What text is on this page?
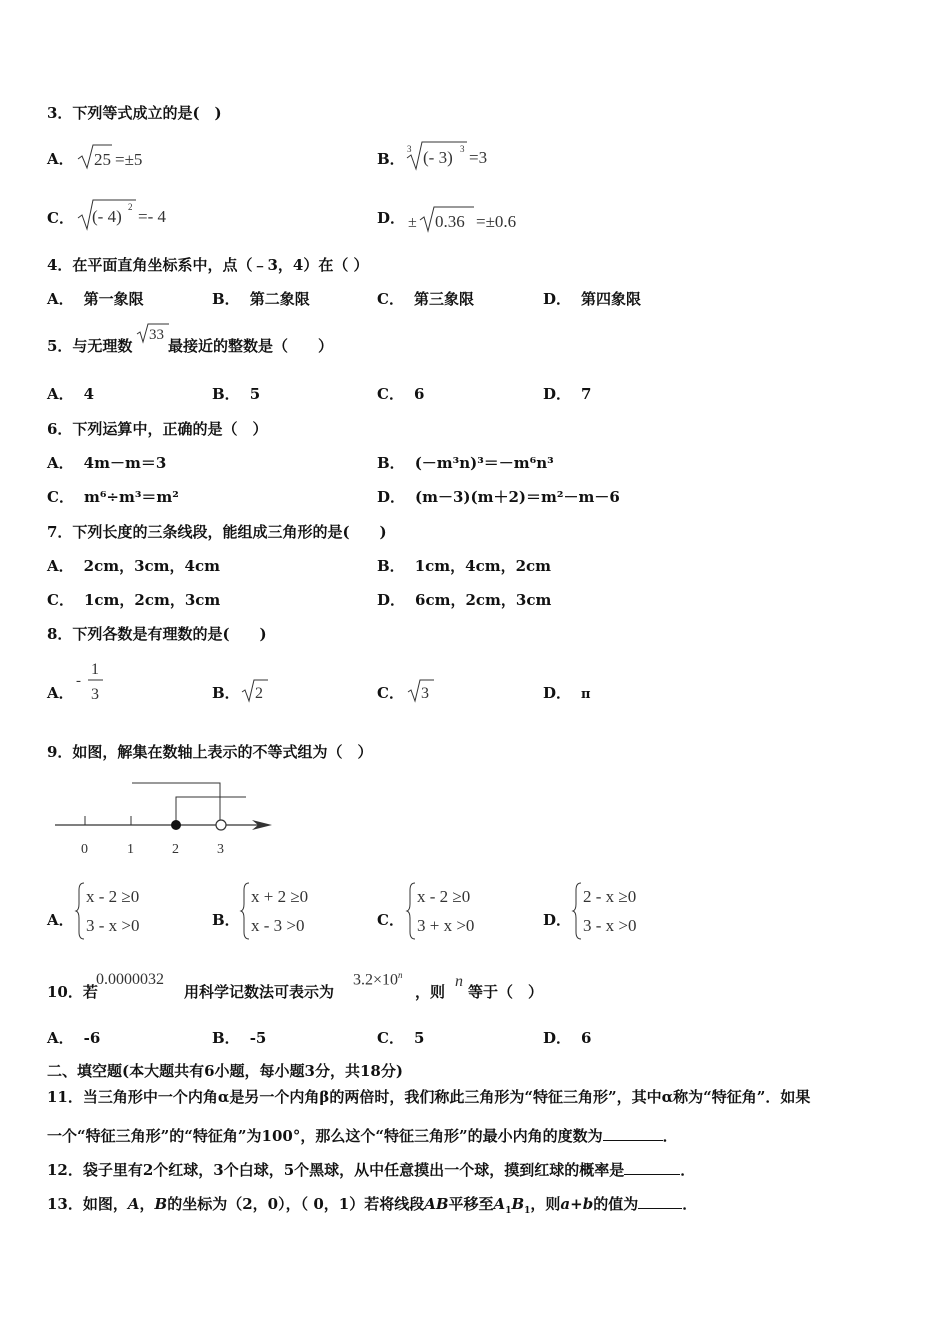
3．下列等式成立的是(　)
A．	25 =±5	B．
3 (- 3) 3 =3
C．	(- 4) 2 =- 4	D． ± 0.36 =±0.6
4．在平面直角坐标系中，点（﹣3，4）在（ ）
A． 第一象限	B． 第二象限	C． 第三象限	D． 第四象限
5．与无理数
33
最接近的整数是（　　）
A． 4	B． 5	C． 6	D． 7
6．下列运算中，正确的是（　）
A． 4m－m＝3	B． (－m³n)³＝－m⁶n³
C． m⁶÷m³＝m²	D． (m－3)(m＋2)＝m²－m－6
7．下列长度的三条线段，能组成三角形的是(　　)
A． 2cm，3cm，4cm	B． 1cm，4cm，2cm
C． 1cm，2cm，3cm	D． 6cm，2cm，3cm
8．下列各数是有理数的是(　　)
A．
-
1
3	B． 2	C．	3	D． π
9．如图，解集在数轴上表示的不等式组为（　）
0	1	2	3
A．
x - 2 ≥0
3 - x >0	B．
x + 2 ≥0
x - 3 >0	C．
x - 2 ≥0
3 + x >0	D．
2 - x ≥0
3 - x >0
10．若
0.0000032
用科学记数法可表示为
$3.2\times 10^n$
，则
n
等于（　）
A． -6	B． -5	C． 5	D． 6
二、填空题(本大题共有6小题，每小题3分，共18分)
11．当三角形中一个内角α是另一个内角β的两倍时，我们称此三角形为“特征三角形”，其中α称为“特征角”．如果
一个“特征三角形”的“特征角”为100°，那么这个“特征三角形”的最小内角的度数为	．
12．袋子里有2个红球，3个白球，5个黑球，从中任意摸出一个球，摸到红球的概率是	．
13．如图，A，B的坐标为（2，0），（ 0，1）若将线段AB平移至$A_1B_1$，则a+b的值为	．
